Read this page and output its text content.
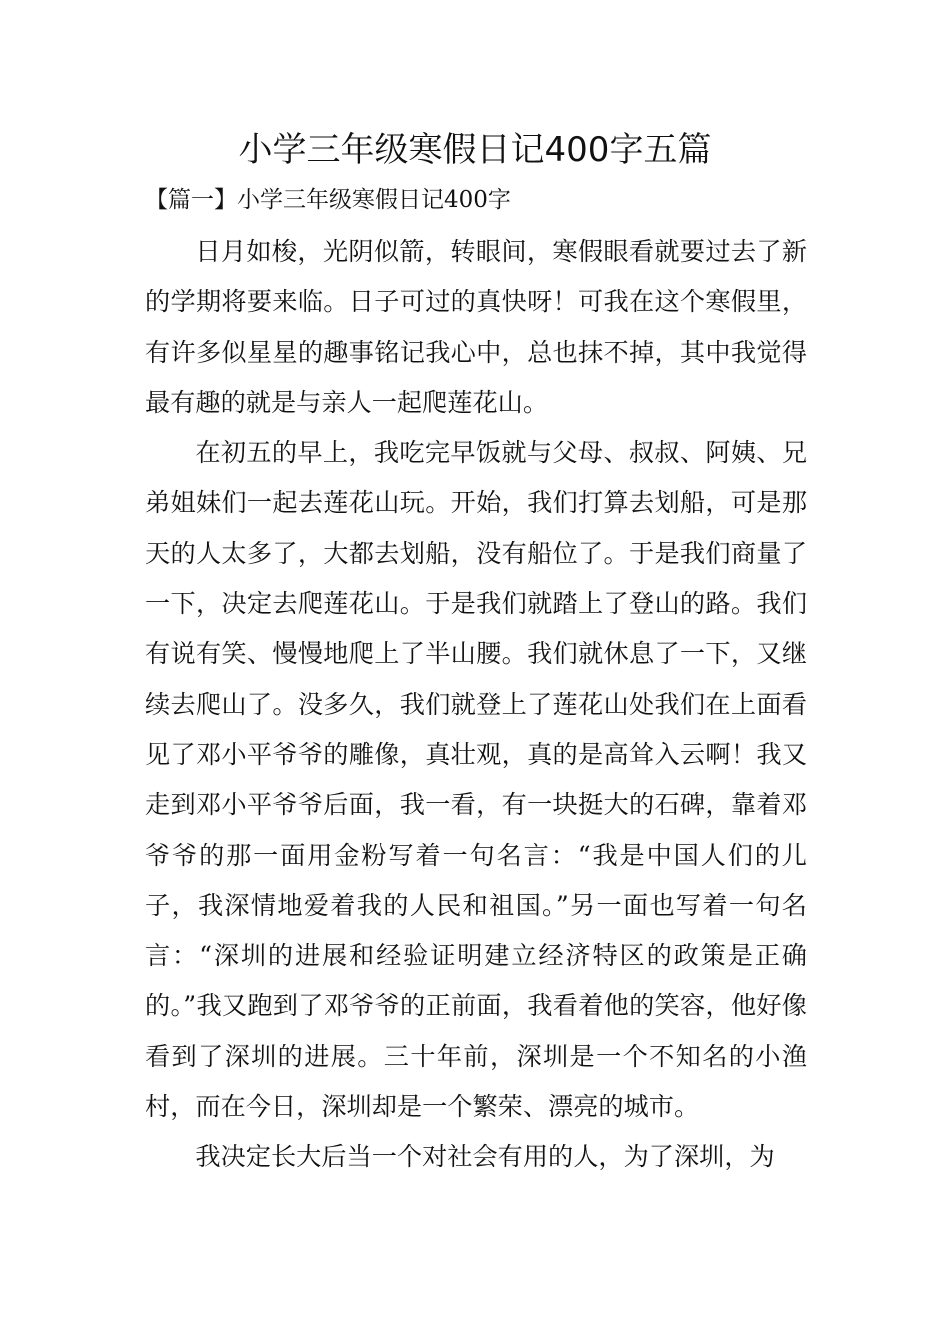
小学三年级寒假日记400字五篇
【篇一】小学三年级寒假日记400字

日月如梭，光阴似箭，转眼间，寒假眼看就要过去了新的学期将要来临。日子可过的真快呀！可我在这个寒假里，有许多似星星的趣事铭记我心中，总也抹不掉，其中我觉得最有趣的就是与亲人一起爬莲花山。

在初五的早上，我吃完早饭就与父母、叔叔、阿姨、兄弟姐妹们一起去莲花山玩。开始，我们打算去划船，可是那天的人太多了，大都去划船，没有船位了。于是我们商量了一下，决定去爬莲花山。于是我们就踏上了登山的路。我们有说有笑、慢慢地爬上了半山腰。我们就休息了一下，又继续去爬山了。没多久，我们就登上了莲花山处我们在上面看见了邓小平爷爷的雕像，真壮观，真的是高耸入云啊！我又走到邓小平爷爷后面，我一看，有一块挺大的石碑，靠着邓爷爷的那一面用金粉写着一句名言：“我是中国人们的儿子，我深情地爱着我的人民和祖国。”另一面也写着一句名言：“深圳的进展和经验证明建立经济特区的政策是正确的。”我又跑到了邓爷爷的正前面，我看着他的笑容，他好像看到了深圳的进展。三十年前，深圳是一个不知名的小渔村，而在今日，深圳却是一个繁荣、漂亮的城市。

我决定长大后当一个对社会有用的人，为了深圳，为
